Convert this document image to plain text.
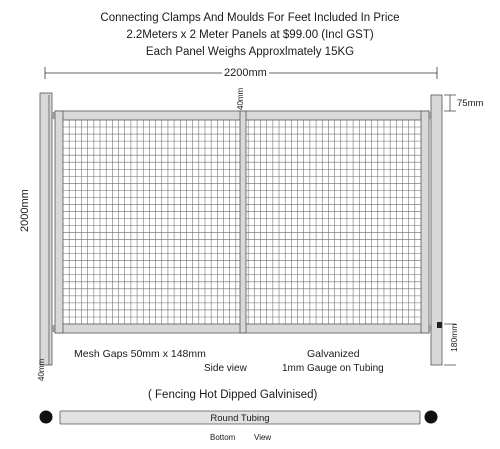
Connecting Clamps And Moulds For Feet Included In Price
2.2Meters x 2 Meter Panels at $99.00 (Incl GST)
Each Panel Weighs Approxlmately 15KG
2200mm
2000mm
40mm	75mm
180mm
40mm
Mesh Gaps 50mm x 148mm
Side view
Galvanized
1mm Gauge on Tubing
( Fencing Hot Dipped Galvinised)
Round Tubing
Bottom View
